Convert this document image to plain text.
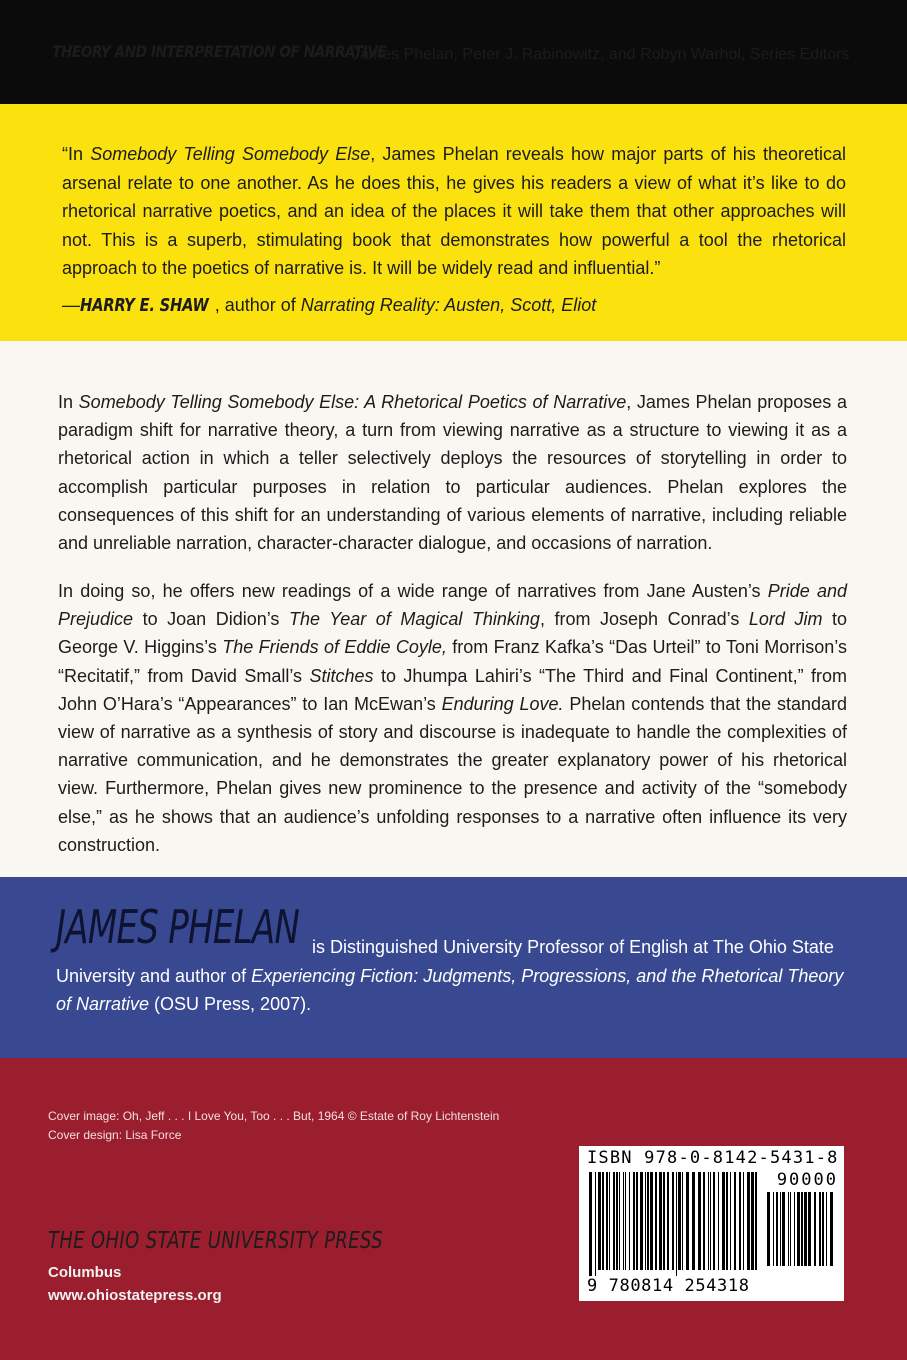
THEORY AND INTERPRETATION OF NARRATIVE
James Phelan, Peter J. Rabinowitz, and Robyn Warhol, Series Editors

“In Somebody Telling Somebody Else, James Phelan reveals how major parts of his theoretical arsenal relate to one another. As he does this, he gives his readers a view of what it’s like to do rhetorical narrative poetics, and an idea of the places it will take them that other approaches will not. This is a superb, stimulating book that demonstrates how powerful a tool the rhetorical approach to the poetics of narrative is. It will be widely read and influential.”

—HARRY E. SHAW , author of Narrating Reality: Austen, Scott, Eliot

In Somebody Telling Somebody Else: A Rhetorical Poetics of Narrative, James Phelan proposes a paradigm shift for narrative theory, a turn from viewing narrative as a structure to viewing it as a rhetorical action in which a teller selectively deploys the resources of storytelling in order to accomplish particular purposes in relation to particular audiences. Phelan explores the consequences of this shift for an understanding of various elements of narrative, including reliable and unreliable narration, character-character dialogue, and occasions of narration.

In doing so, he offers new readings of a wide range of narratives from Jane Austen’s Pride and Prejudice to Joan Didion’s The Year of Magical Thinking, from Joseph Conrad’s Lord Jim to George V. Higgins’s The Friends of Eddie Coyle, from Franz Kafka’s “Das Urteil” to Toni Morrison’s “Recitatif,” from David Small’s Stitches to Jhumpa Lahiri’s “The Third and Final Continent,” from John O’Hara’s “Appearances” to Ian McEwan’s Enduring Love. Phelan contends that the standard view of narrative as a synthesis of story and discourse is inadequate to handle the complexities of narrative communication, and he demonstrates the greater explanatory power of his rhetorical view. Furthermore, Phelan gives new prominence to the presence and activity of the “somebody else,” as he shows that an audience’s unfolding responses to a narrative often influence its very construction.

is Distinguished University Professor of English at The Ohio State University and author of Experiencing Fiction: Judgments, Progressions, and the Rhetorical Theory of Narrative (OSU Press, 2007).

JAMES PHELAN
Cover image: Oh, Jeff . . . I Love You, Too . . . But, 1964 © Estate of Roy Lichtenstein
Cover design: Lisa Force
THE OHIO STATE UNIVERSITY PRESS
Columbus
www.ohiostatepress.org
ISBN 978-0-8142-5431-8
90000
9 780814 254318
